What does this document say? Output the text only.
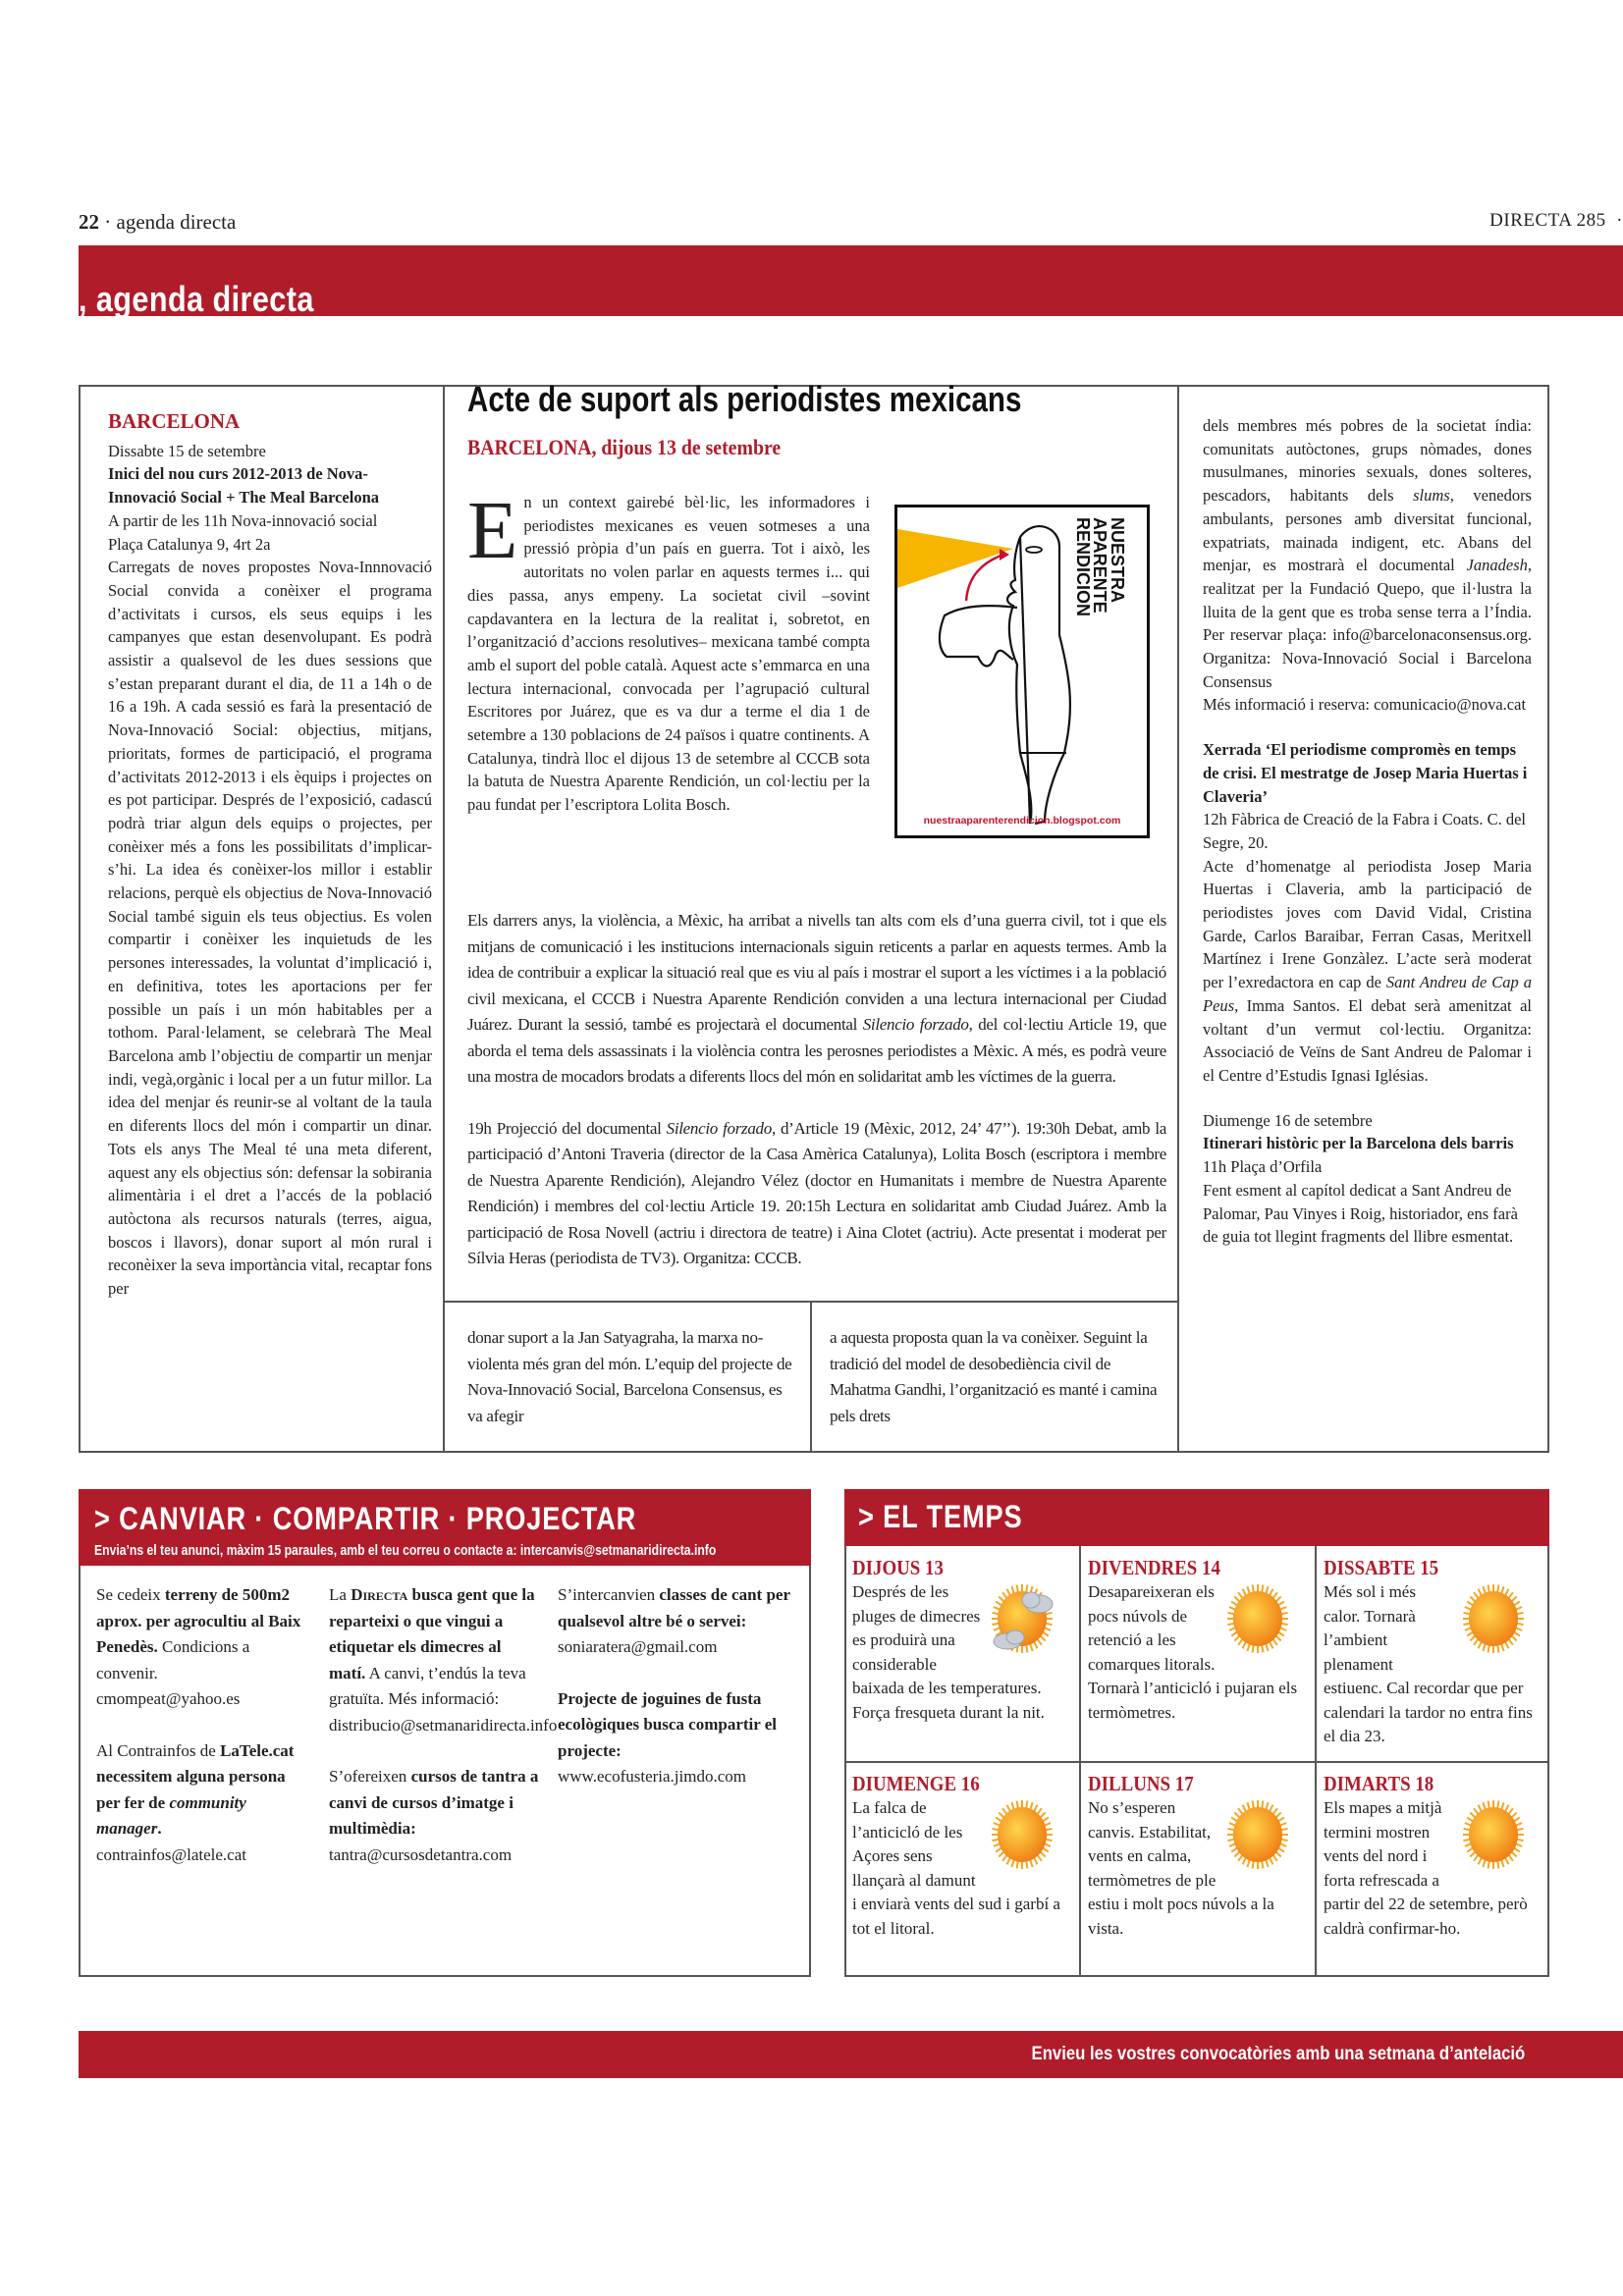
22 · agenda directa	DIRECTA 285 ·
, agenda directa

BARCELONA

Dissabte 15 de setembre

Inici del nou curs 2012-2013 de Nova-Innovació Social + The Meal Barcelona

A partir de les 11h Nova-innovació social

Plaça Catalunya 9, 4rt 2a

Carregats de noves propostes Nova-Innnovació Social convida a conèixer el programa d’activitats i cursos, els seus equips i les campanyes que estan desenvolupant. Es podrà assistir a qualsevol de les dues sessions que s’estan preparant durant el dia, de 11 a 14h o de 16 a 19h. A cada sessió es farà la presentació de Nova-Innovació Social: objectius, mitjans, prioritats, formes de participació, el programa d’activitats 2012-2013 i els èquips i projectes on es pot participar. Després de l’exposició, cadascú podrà triar algun dels equips o projectes, per conèixer més a fons les possibilitats d’implicar-s’hi. La idea és conèixer-los millor i establir relacions, perquè els objectius de Nova-Innovació Social també siguin els teus objectius. Es volen compartir i conèixer les inquietuds de les persones interessades, la voluntat d’implicació i, en definitiva, totes les aportacions per fer possible un país i un món habitables per a tothom. Paral·lelament, se celebrarà The Meal Barcelona amb l’objectiu de compartir un menjar indi, vegà,orgànic i local per a un futur millor. La idea del menjar és reunir-se al voltant de la taula en diferents llocs del món i compartir un dinar. Tots els anys The Meal té una meta diferent, aquest any els objectius són: defensar la sobirania alimentària i el dret a l’accés de la població autòctona als recursos naturals (terres, aigua, boscos i llavors), donar suport al món rural i reconèixer la seva importància vital, recaptar fons per

Acte de suport als periodistes mexicans
BARCELONA, dijous 13 de setembre
E n un context gairebé bèl·lic, les informadores i periodistes mexicanes es veuen sotmeses a una pressió pròpia d’un país en guerra. Tot i això, les autoritats no volen parlar en aquests termes i... qui dies passa, anys empeny. La societat civil –sovint capdavantera en la lectura de la realitat i, sobretot, en l’organització d’accions resolutives– mexicana també compta amb el suport del poble català. Aquest acte s’emmarca en una lectura internacional, convocada per l’agrupació cultural Escritores por Juárez, que es va dur a terme el dia 1 de setembre a 130 poblacions de 24 països i quatre continents. A Catalunya, tindrà lloc el dijous 13 de setembre al CCCB sota la batuta de Nuestra Aparente Rendición, un col·lectiu per la pau fundat per l’escriptora Lolita Bosch.
NUESTRA
APARENTE
RENDICION
nuestraaparenterendicion.blogspot.com

Els darrers anys, la violència, a Mèxic, ha arribat a nivells tan alts com els d’una guerra civil, tot i que els mitjans de comunicació i les institucions internacionals siguin reticents a parlar en aquests termes. Amb la idea de contribuir a explicar la situació real que es viu al país i mostrar el suport a les víctimes i a la població civil mexicana, el CCCB i Nuestra Aparente Rendición conviden a una lectura internacional per Ciudad Juárez. Durant la sessió, també es projectarà el documental Silencio forzado, del col·lectiu Article 19, que aborda el tema dels assassinats i la violència contra les perosnes periodistes a Mèxic. A més, es podrà veure una mostra de mocadors brodats a diferents llocs del món en solidaritat amb les víctimes de la guerra.

19h Projecció del documental Silencio forzado, d’Article 19 (Mèxic, 2012, 24’ 47’’). 19:30h Debat, amb la participació d’Antoni Traveria (director de la Casa Amèrica Catalunya), Lolita Bosch (escriptora i membre de Nuestra Aparente Rendición), Alejandro Vélez (doctor en Humanitats i membre de Nuestra Aparente Rendición) i membres del col·lectiu Article 19. 20:15h Lectura en solidaritat amb Ciudad Juárez. Amb la participació de Rosa Novell (actriu i directora de teatre) i Aina Clotet (actriu). Acte presentat i moderat per Sílvia Heras (periodista de TV3). Organitza: CCCB.

donar suport a la Jan Satyagraha, la marxa no-violenta més gran del món. L’equip del projecte de Nova-Innovació Social, Barcelona Consensus, es va afegir
a aquesta proposta quan la va conèixer. Seguint la tradició del model de desobediència civil de Mahatma Gandhi, l’organització es manté i camina pels drets

dels membres més pobres de la societat índia: comunitats autòctones, grups nòmades, dones musulmanes, minories sexuals, dones solteres, pescadors, habitants dels slums, venedors ambulants, persones amb diversitat funcional, expatriats, mainada indigent, etc. Abans del menjar, es mostrarà el documental Janadesh, realitzat per la Fundació Quepo, que il·lustra la lluita de la gent que es troba sense terra a l’Índia. Per reservar plaça: info@barcelonaconsensus.org. Organitza: Nova-Innovació Social i Barcelona Consensus

Més informació i reserva: comunicacio@nova.cat

Xerrada ‘El periodisme compromès en temps de crisi. El mestratge de Josep Maria Huertas i Claveria’

12h Fàbrica de Creació de la Fabra i Coats. C. del Segre, 20.

Acte d’homenatge al periodista Josep Maria Huertas i Claveria, amb la participació de periodistes joves com David Vidal, Cristina Garde, Carlos Baraibar, Ferran Casas, Meritxell Martínez i Irene Gonzàlez. L’acte serà moderat per l’exredactora en cap de Sant Andreu de Cap a Peus, Imma Santos. El debat serà amenitzat al voltant d’un vermut col·lectiu. Organitza: Associació de Veïns de Sant Andreu de Palomar i el Centre d’Estudis Ignasi Iglésias.

Diumenge 16 de setembre

Itinerari històric per la Barcelona dels barris

11h Plaça d’Orfila

Fent esment al capítol dedicat a Sant Andreu de Palomar, Pau Vinyes i Roig, historiador, ens farà de guia tot llegint fragments del llibre esmentat.

> CANVIAR · COMPARTIR · PROJECTAR
Envia’ns el teu anunci, màxim 15 paraules, amb el teu correu o contacte a: intercanvis@setmanaridirecta.info

Se cedeix terreny de 500m2 aprox. per agrocultiu al Baix Penedès. Condicions a convenir.
cmompeat@yahoo.es

Al Contrainfos de LaTele.cat necessitem alguna persona per fer de community manager.
contrainfos@latele.cat

La Directa busca gent que la reparteixi o que vingui a etiquetar els dimecres al matí. A canvi, t’endús la teva gratuïta. Més informació: distribucio@setmanaridirecta.info

S’ofereixen cursos de tantra a canvi de cursos d’imatge i multimèdia:
tantra@cursosdetantra.com

S’intercanvien classes de cant per qualsevol altre bé o servei:
soniaratera@gmail.com

Projecte de joguines de fusta ecològiques busca compartir el projecte:
www.ecofusteria.jimdo.com

> EL TEMPS
DIJOUS 13
Després de les pluges de dimecres es produirà una considerable baixada de les temperatures. Força fresqueta durant la nit.
DIVENDRES 14
Desapareixeran els pocs núvols de retenció a les comarques litorals. Tornarà l’anticicló i pujaran els termòmetres.
DISSABTE 15
Més sol i més calor. Tornarà l’ambient plenament estiuenc. Cal recordar que per calendari la tardor no entra fins el dia 23.
DIUMENGE 16
La falca de l’anticicló de les Açores sens llançarà al damunt i enviarà vents del sud i garbí a tot el litoral.
DILLUNS 17
No s’esperen canvis. Estabilitat, vents en calma, termòmetres de ple estiu i molt pocs núvols a la vista.
DIMARTS 18
Els mapes a mitjà termini mostren vents del nord i forta refrescada a partir del 22 de setembre, però caldrà confirmar-ho.
Envieu les vostres convocatòries amb una setmana d’antelació
